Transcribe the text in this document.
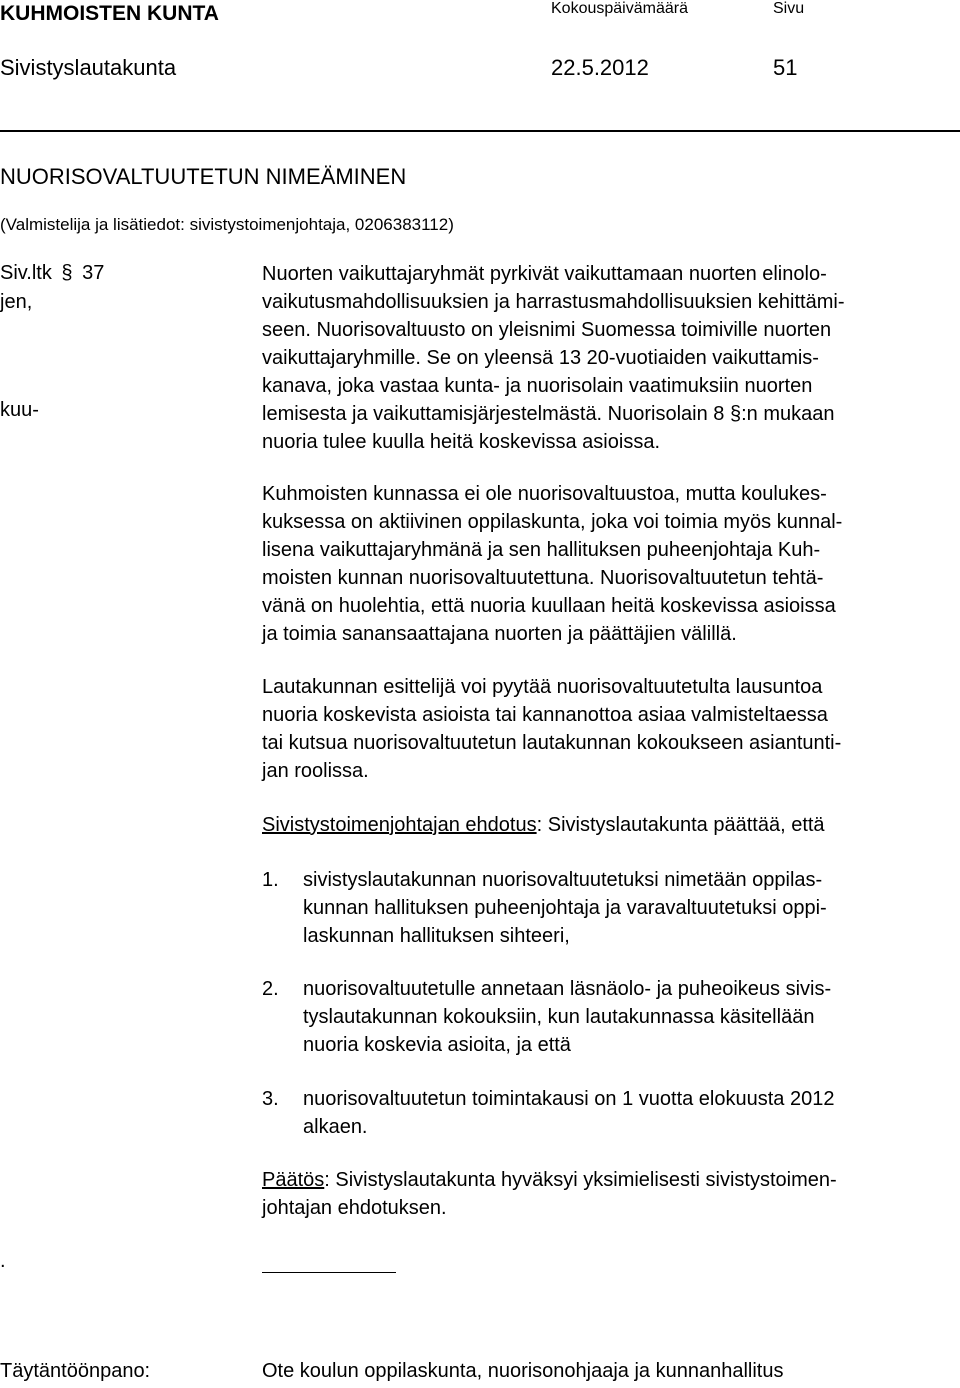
KUHMOISTEN KUNTA	Kokouspäivämäärä	Sivu
Sivistyslautakunta	22.5.2012	51
NUORISOVALTUUTETUN NIMEÄMINEN
(Valmistelija ja lisätiedot: sivistystoimenjohtaja, 0206383112)
Siv.ltk § 37
jen,
kuu-
Nuorten vaikuttajaryhmät pyrkivät vaikuttamaan nuorten elinolo-
vaikutusmahdollisuuksien ja harrastusmahdollisuuksien kehittämi-
seen. Nuorisovaltuusto on yleisnimi Suomessa toimiville nuorten
vaikuttajaryhmille. Se on yleensä 13 20-vuotiaiden vaikuttamis-
kanava, joka vastaa kunta- ja nuorisolain vaatimuksiin nuorten
lemisesta ja vaikuttamisjärjestelmästä. Nuorisolain 8 §:n mukaan
nuoria tulee kuulla heitä koskevissa asioissa.
Kuhmoisten kunnassa ei ole nuorisovaltuustoa, mutta koulukes-
kuksessa on aktiivinen oppilaskunta, joka voi toimia myös kunnal-
lisena vaikuttajaryhmänä ja sen hallituksen puheenjohtaja Kuh-
moisten kunnan nuorisovaltuutettuna. Nuorisovaltuutetun tehtä-
vänä on huolehtia, että nuoria kuullaan heitä koskevissa asioissa
ja toimia sanansaattajana nuorten ja päättäjien välillä.
Lautakunnan esittelijä voi pyytää nuorisovaltuutetulta lausuntoa
nuoria koskevista asioista tai kannanottoa asiaa valmisteltaessa
tai kutsua nuorisovaltuutetun lautakunnan kokoukseen asiantunti-
jan roolissa.
Sivistystoimenjohtajan ehdotus: Sivistyslautakunta päättää, että
1. sivistyslautakunnan nuorisovaltuutetuksi nimetään oppilas-
kunnan hallituksen puheenjohtaja ja varavaltuutetuksi oppi-
laskunnan hallituksen sihteeri,
2. nuorisovaltuutetulle annetaan läsnäolo- ja puheoikeus sivis-
tyslautakunnan kokouksiin, kun lautakunnassa käsitellään
nuoria koskevia asioita, ja että
3. nuorisovaltuutetun toimintakausi on 1 vuotta elokuusta 2012
alkaen.
Päätös: Sivistyslautakunta hyväksyi yksimielisesti sivistystoimen-
johtajan ehdotuksen.
.
Täytäntöönpano:	Ote koulun oppilaskunta, nuorisonohjaaja ja kunnanhallitus
